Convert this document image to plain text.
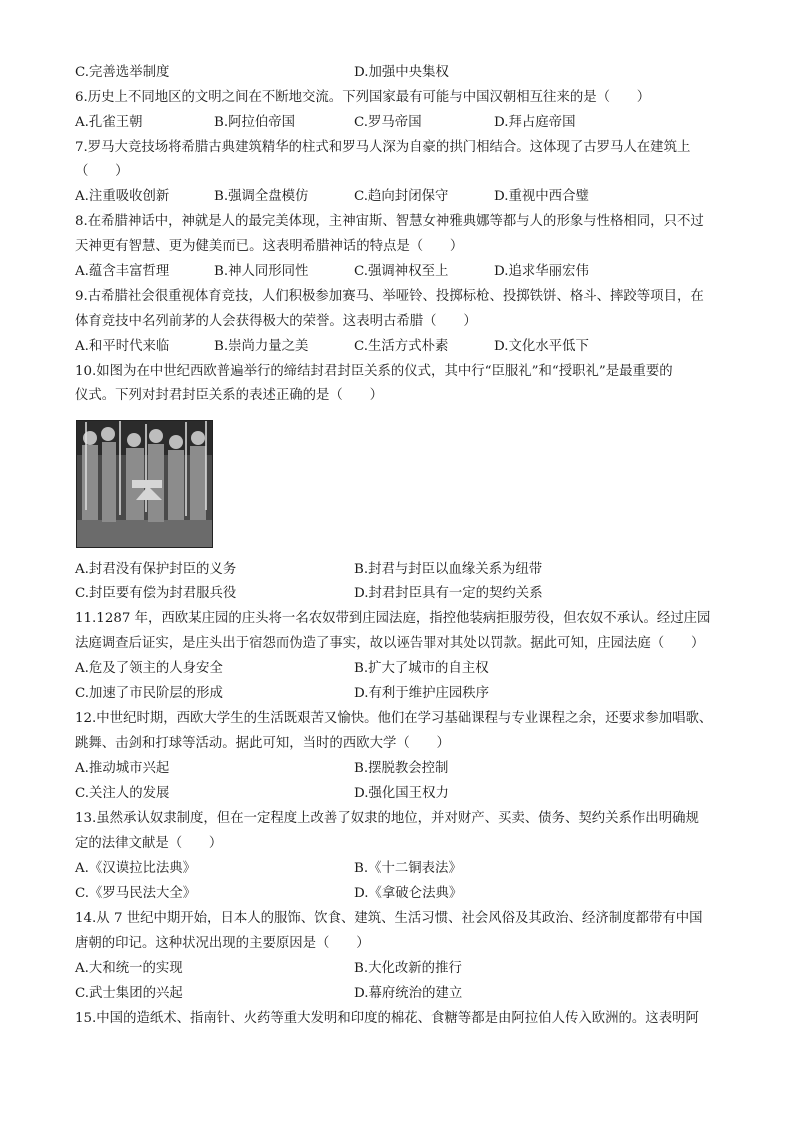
C.完善选举制度	D.加强中央集权
6.历史上不同地区的文明之间在不断地交流。下列国家最有可能与中国汉朝相互往来的是（　　）
A.孔雀王朝	B.阿拉伯帝国	C.罗马帝国	D.拜占庭帝国
7.罗马大竞技场将希腊古典建筑精华的柱式和罗马人深为自豪的拱门相结合。这体现了古罗马人在建筑上
（　　）
A.注重吸收创新	B.强调全盘模仿	C.趋向封闭保守	D.重视中西合璧
8.在希腊神话中，神就是人的最完美体现，主神宙斯、智慧女神雅典娜等都与人的形象与性格相同，只不过
天神更有智慧、更为健美而已。这表明希腊神话的特点是（　　）
A.蕴含丰富哲理	B.神人同形同性	C.强调神权至上	D.追求华丽宏伟
9.古希腊社会很重视体育竞技，人们积极参加赛马、举哑铃、投掷标枪、投掷铁饼、格斗、摔跤等项目，在
体育竞技中名列前茅的人会获得极大的荣誉。这表明古希腊（　　）
A.和平时代来临	B.崇尚力量之美	C.生活方式朴素	D.文化水平低下
10.如图为在中世纪西欧普遍举行的缔结封君封臣关系的仪式，其中行“臣服礼”和“授职礼”是最重要的
仪式。下列对封君封臣关系的表述正确的是（　　）
A.封君没有保护封臣的义务	B.封君与封臣以血缘关系为纽带
C.封臣要有偿为封君服兵役	D.封君封臣具有一定的契约关系
11.1287 年，西欧某庄园的庄头将一名农奴带到庄园法庭，指控他装病拒服劳役，但农奴不承认。经过庄园
法庭调查后证实，是庄头出于宿怨而伪造了事实，故以诬告罪对其处以罚款。据此可知，庄园法庭（　　）
A.危及了领主的人身安全	B.扩大了城市的自主权
C.加速了市民阶层的形成	D.有利于维护庄园秩序
12.中世纪时期，西欧大学生的生活既艰苦又愉快。他们在学习基础课程与专业课程之余，还要求参加唱歌、
跳舞、击剑和打球等活动。据此可知，当时的西欧大学（　　）
A.推动城市兴起	B.摆脱教会控制
C.关注人的发展	D.强化国王权力
13.虽然承认奴隶制度，但在一定程度上改善了奴隶的地位，并对财产、买卖、债务、契约关系作出明确规
定的法律文献是（　　）
A.《汉谟拉比法典》	B.《十二铜表法》
C.《罗马民法大全》	D.《拿破仑法典》
14.从 7 世纪中期开始，日本人的服饰、饮食、建筑、生活习惯、社会风俗及其政治、经济制度都带有中国
唐朝的印记。这种状况出现的主要原因是（　　）
A.大和统一的实现	B.大化改新的推行
C.武士集团的兴起	D.幕府统治的建立
15.中国的造纸术、指南针、火药等重大发明和印度的棉花、食糖等都是由阿拉伯人传入欧洲的。这表明阿
